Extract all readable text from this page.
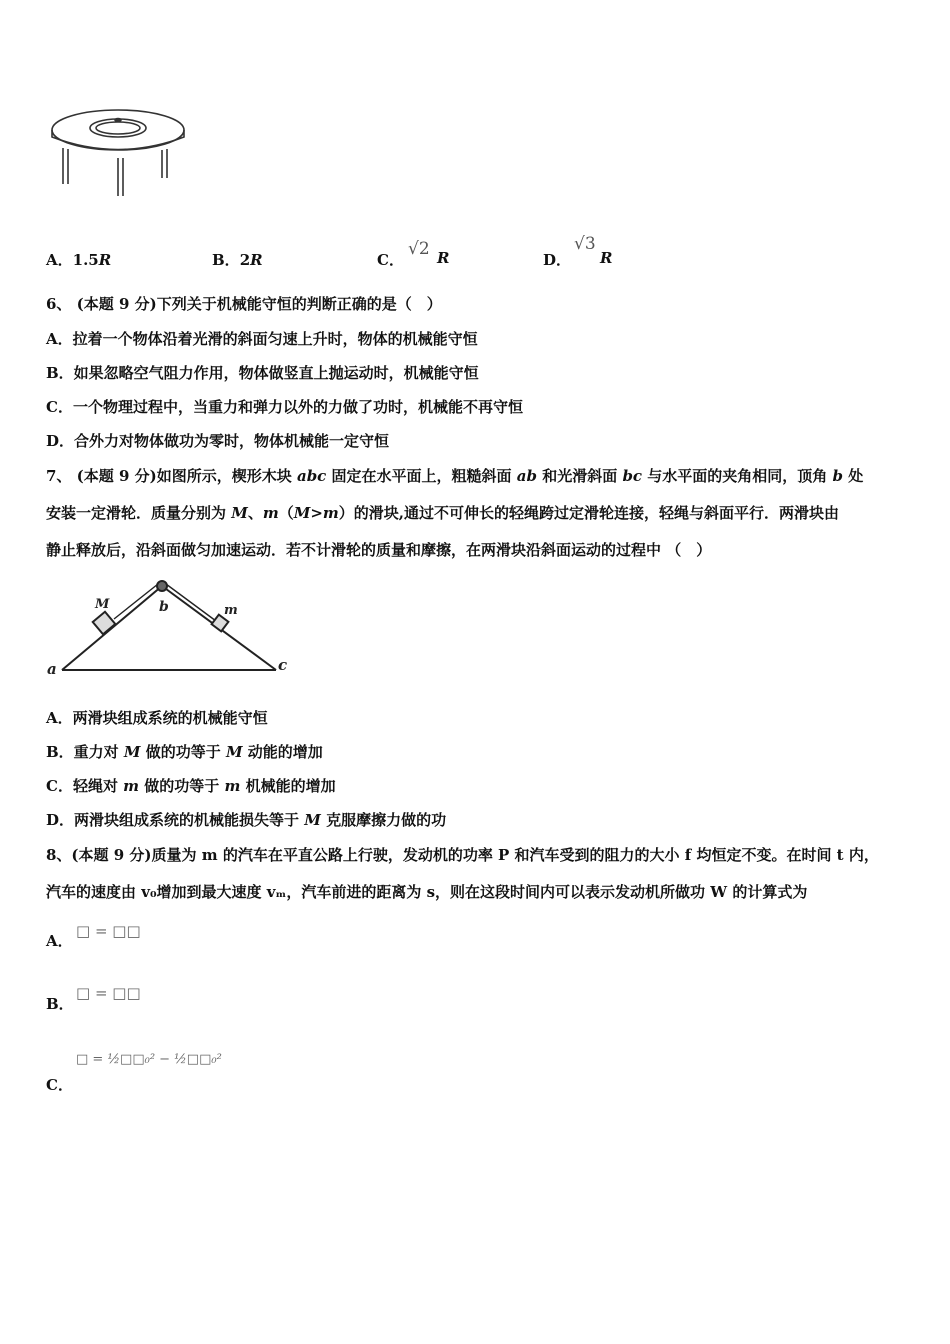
A．1.5R	B．2R	C．
√2 R	D．
√3
R
6、 (本题 9 分)下列关于机械能守恒的判断正确的是（　）
A．拉着一个物体沿着光滑的斜面匀速上升时，物体的机械能守恒
B．如果忽略空气阻力作用，物体做竖直上抛运动时，机械能守恒
C．一个物理过程中，当重力和弹力以外的力做了功时，机械能不再守恒
D．合外力对物体做功为零时，物体机械能一定守恒
7、 (本题 9 分)如图所示，楔形木块 abc 固定在水平面上，粗糙斜面 ab 和光滑斜面 bc 与水平面的夹角相同，顶角 b 处
安装一定滑轮．质量分别为 M、m（M>m）的滑块,通过不可伸长的轻绳跨过定滑轮连接，轻绳与斜面平行．两滑块由
静止释放后，沿斜面做匀加速运动．若不计滑轮的质量和摩擦，在两滑块沿斜面运动的过程中 （　）
M	b	m
a	c
A．两滑块组成系统的机械能守恒
B．重力对 M 做的功等于 M 动能的增加
C．轻绳对 m 做的功等于 m 机械能的增加
D．两滑块组成系统的机械能损失等于 M 克服摩擦力做的功
8、(本题 9 分)质量为 m 的汽车在平直公路上行驶，发动机的功率 P 和汽车受到的阻力的大小 f 均恒定不变。在时间 t 内，
汽车的速度由 v₀增加到最大速度 vₘ，汽车前进的距离为 s，则在这段时间内可以表示发动机所做功 W 的计算式为
A．
□ = □□
B．
□ = □□
C．
□ = ½□□₀² − ½□□₀²
